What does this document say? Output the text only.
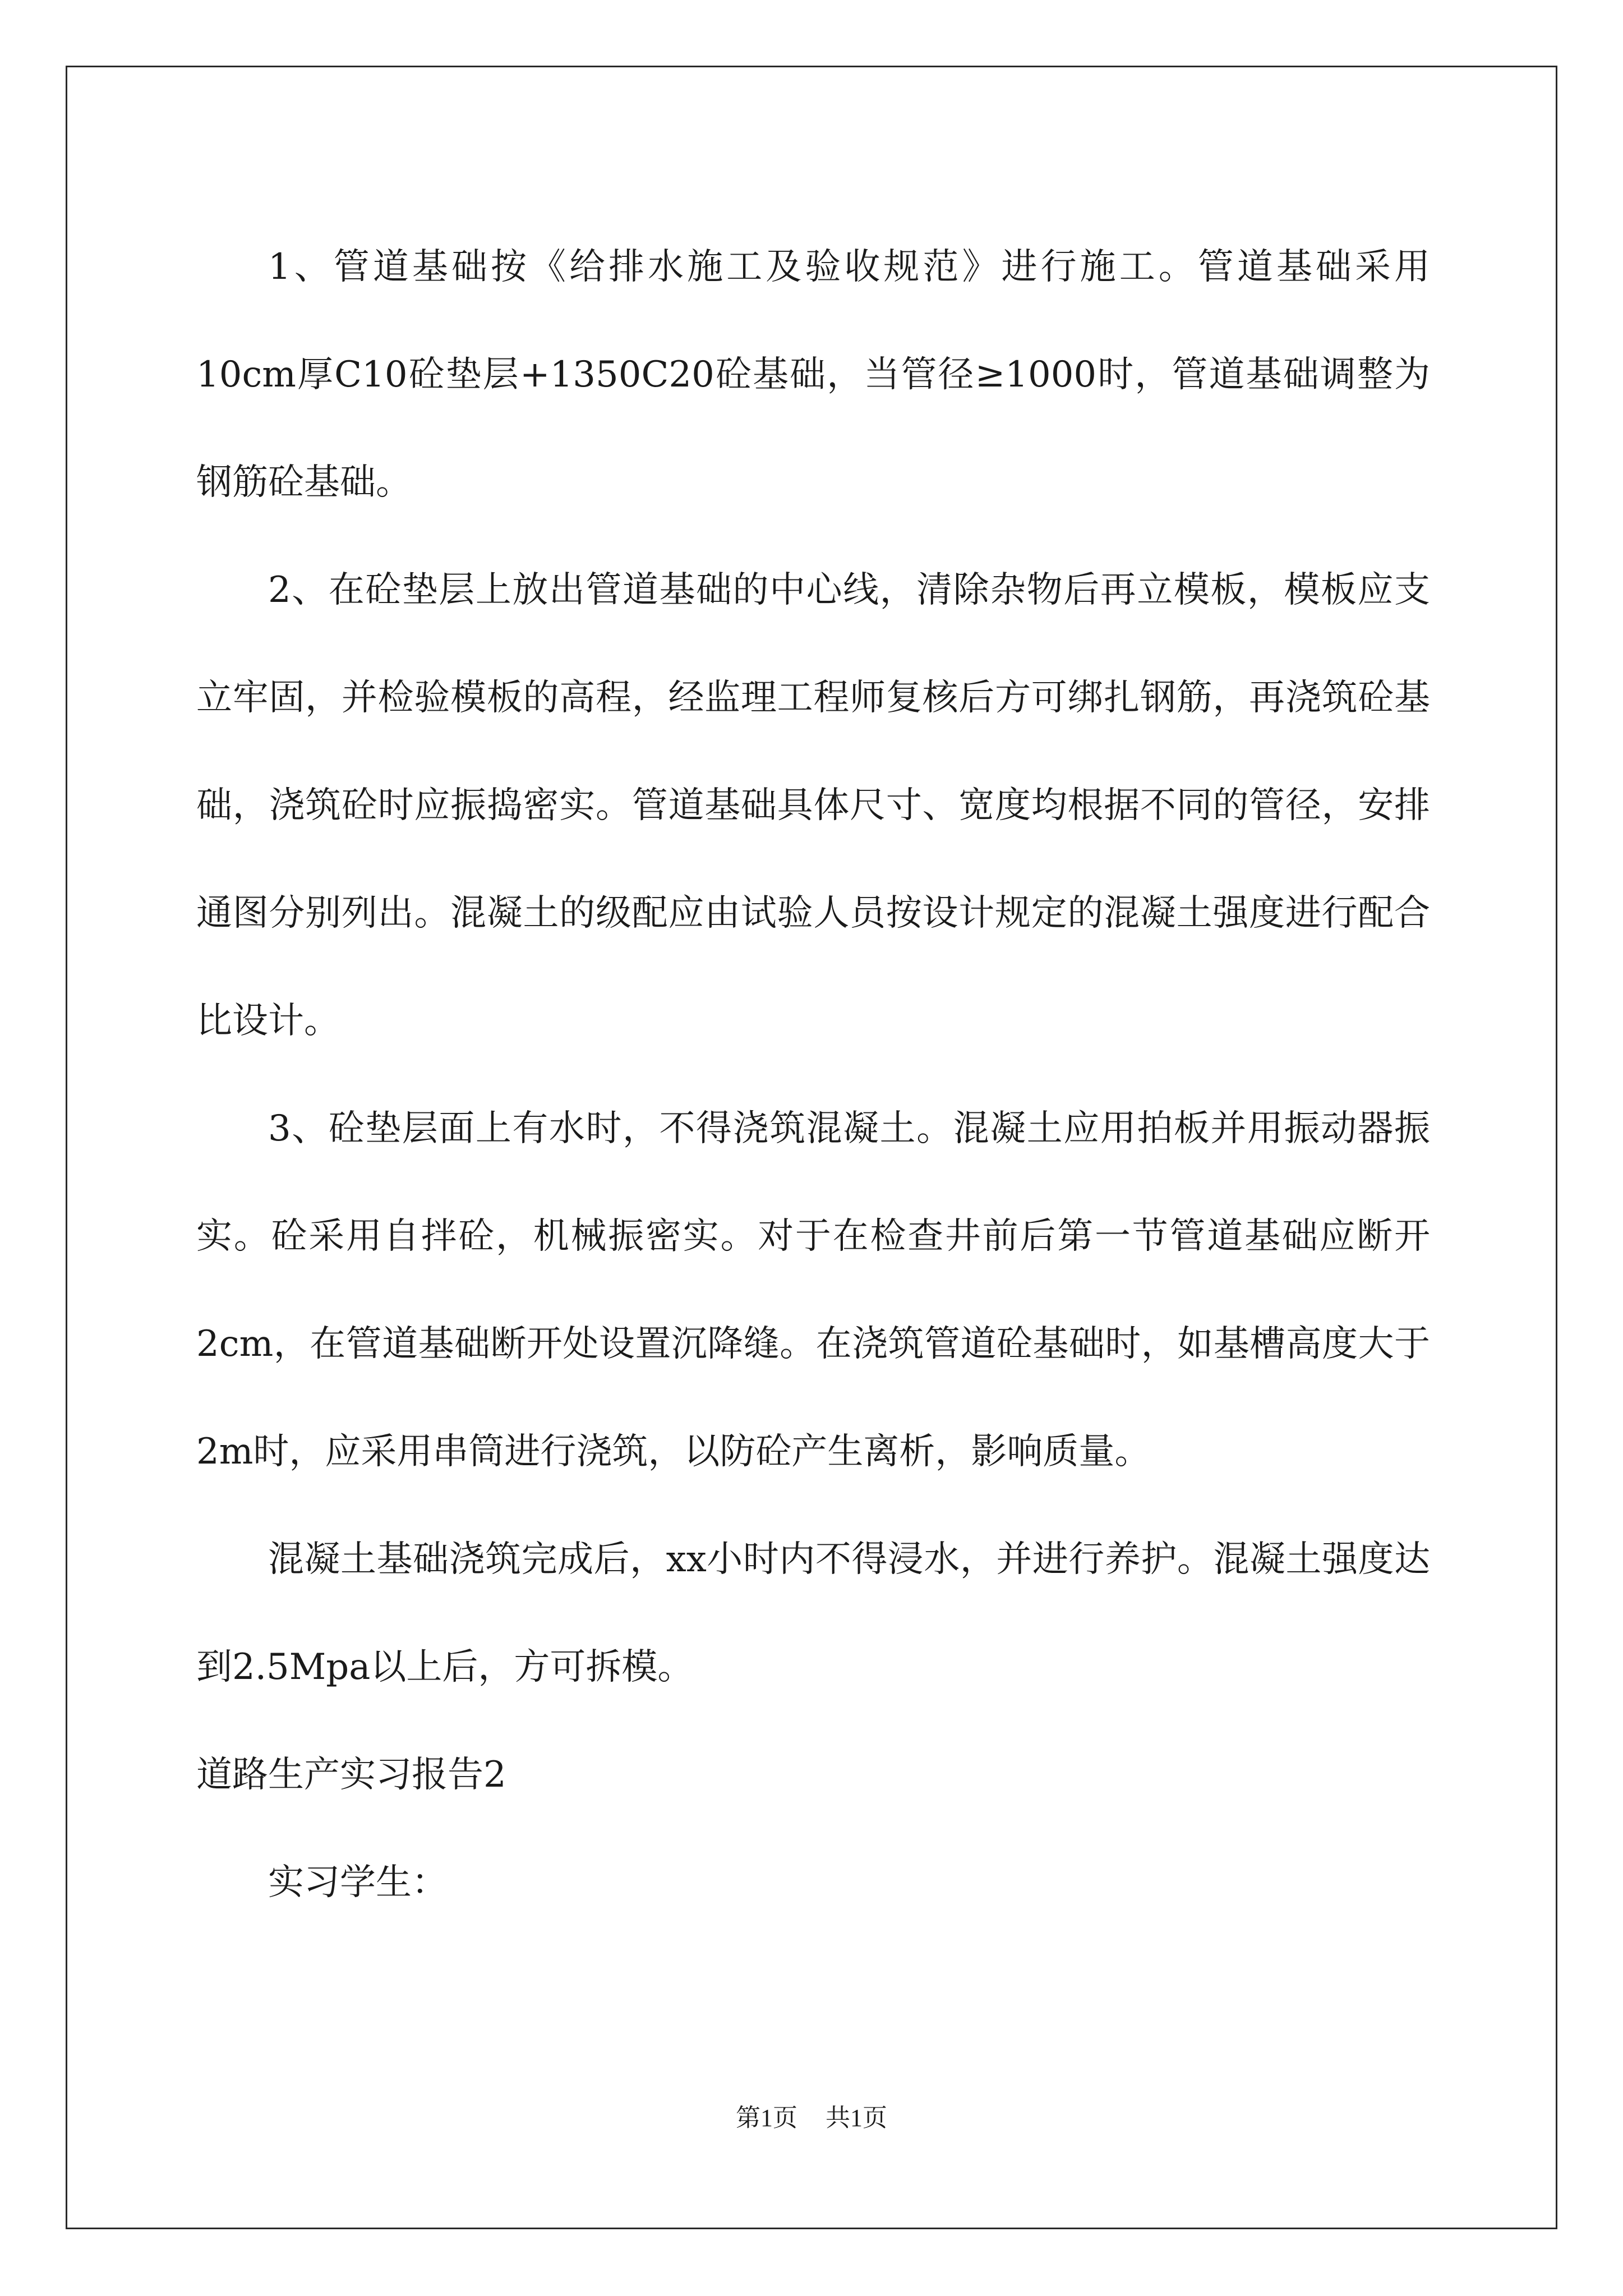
1、管道基础按《给排水施工及验收规范》进行施工。管道基础采用10cm厚C10砼垫层+1350C20砼基础，当管径≥1000时，管道基础调整为钢筋砼基础。

2、在砼垫层上放出管道基础的中心线，清除杂物后再立模板，模板应支立牢固，并检验模板的高程，经监理工程师复核后方可绑扎钢筋，再浇筑砼基础，浇筑砼时应振捣密实。管道基础具体尺寸、宽度均根据不同的管径，安排通图分别列出。混凝土的级配应由试验人员按设计规定的混凝土强度进行配合比设计。

3、砼垫层面上有水时，不得浇筑混凝土。混凝土应用拍板并用振动器振实。砼采用自拌砼，机械振密实。对于在检查井前后第一节管道基础应断开2cm，在管道基础断开处设置沉降缝。在浇筑管道砼基础时，如基槽高度大于2m时，应采用串筒进行浇筑，以防砼产生离析，影响质量。

混凝土基础浇筑完成后，xx小时内不得浸水，并进行养护。混凝土强度达到2.5Mpa以上后，方可拆模。

道路生产实习报告2

实习学生：

第1页 共1页
